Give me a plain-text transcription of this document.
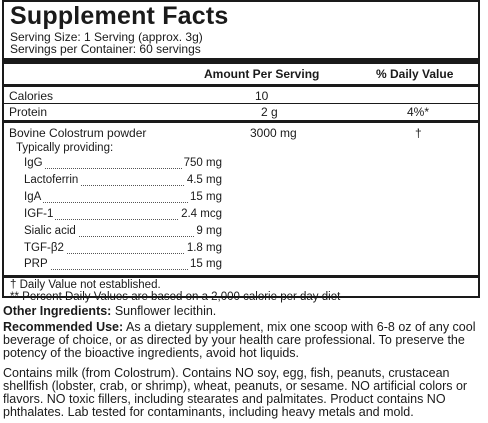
Supplement Facts
Serving Size: 1 Serving (approx. 3g)
Servings per Container: 60 servings
Amount Per Serving	% Daily Value
Calories	10
Protein	2 g	4%*
Bovine Colostrum powder	3000 mg	†
Typically providing:
IgG	750 mg
Lactoferrin	4.5 mg
IgA	15 mg
IGF-1	2.4 mcg
Sialic acid	9 mg
TGF-β2	1.8 mg
PRP	15 mg
† Daily Value not established.
** Percent Daily Values are based on a 2,000 calorie per day diet
Other Ingredients: Sunflower lecithin.
Recommended Use: As a dietary supplement, mix one scoop with 6-8 oz of any cool beverage of choice, or as directed by your health care professional. To preserve the potency of the bioactive ingredients, avoid hot liquids.
Contains milk (from Colostrum). Contains NO soy, egg, fish, peanuts, crustacean shellfish (lobster, crab, or shrimp), wheat, peanuts, or sesame. NO artificial colors or flavors. NO toxic fillers, including stearates and palmitates. Product contains NO phthalates. Lab tested for contaminants, including heavy metals and mold.
